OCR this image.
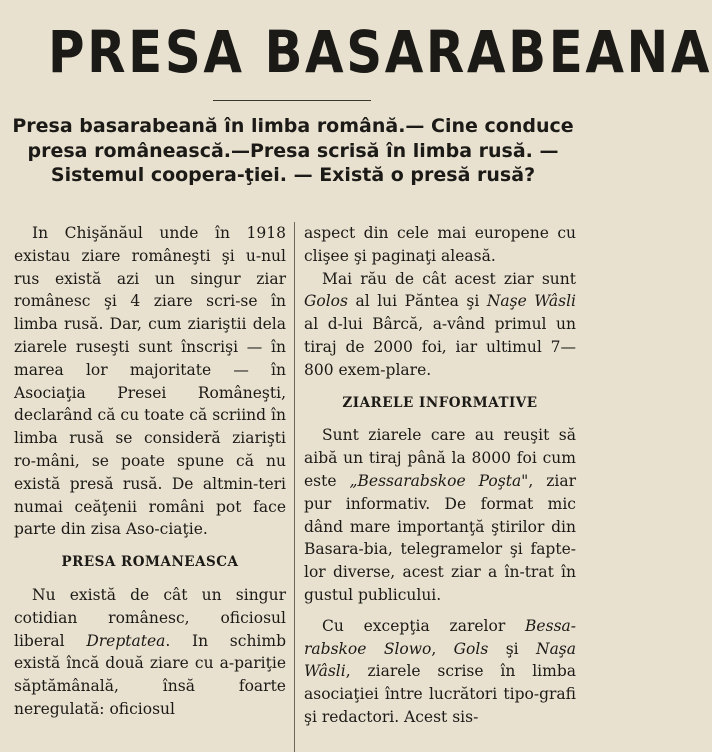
PRESA BASARABEANA
Presa basarabeană în limba română.— Cine conduce presa românească.—Presa scrisă în limba rusă. — Sistemul coopera-ţiei. — Există o presă rusă?

In Chişănăul unde în 1918 existau ziare româneşti şi u-nul rus există azi un singur ziar românesc şi 4 ziare scri-se în limba rusă. Dar, cum ziariştii dela ziarele ruseşti sunt înscrişi — în marea lor majoritate — în Asociaţia Presei Româneşti, declarând că cu toate că scriind în limba rusă se consideră ziarişti ro-mâni, se poate spune că nu există presă rusă. De altmin-teri numai ceăţenii români pot face parte din zisa Aso-ciaţie.

PRESA ROMANEASCA

Nu există de cât un singur cotidian românesc, oficiosul liberal Dreptatea. In schimb există încă două ziare cu a-pariţie săptămânală, însă foarte neregulată: oficiosul

aspect din cele mai europene cu clişee şi paginaţi aleasă.

Mai rău de cât acest ziar sunt Golos al lui Păntea şi Naşe Wâsli al d-lui Bârcă, a-vând primul un tiraj de 2000 foi, iar ultimul 7—800 exem-plare.

ZIARELE INFORMATIVE

Sunt ziarele care au reuşit să aibă un tiraj până la 8000 foi cum este „Bessarabskoe Poşta", ziar pur informativ. De format mic dând mare importanţă ştirilor din Basara-bia, telegramelor şi fapte-lor diverse, acest ziar a în-trat în gustul publicului.

Cu excepţia zarelor Bessa-rabskoe Slowo, Gols şi Naşa Wâsli, ziarele scrise în limba asociaţiei între lucrători tipo-grafi şi redactori. Acest sis-
